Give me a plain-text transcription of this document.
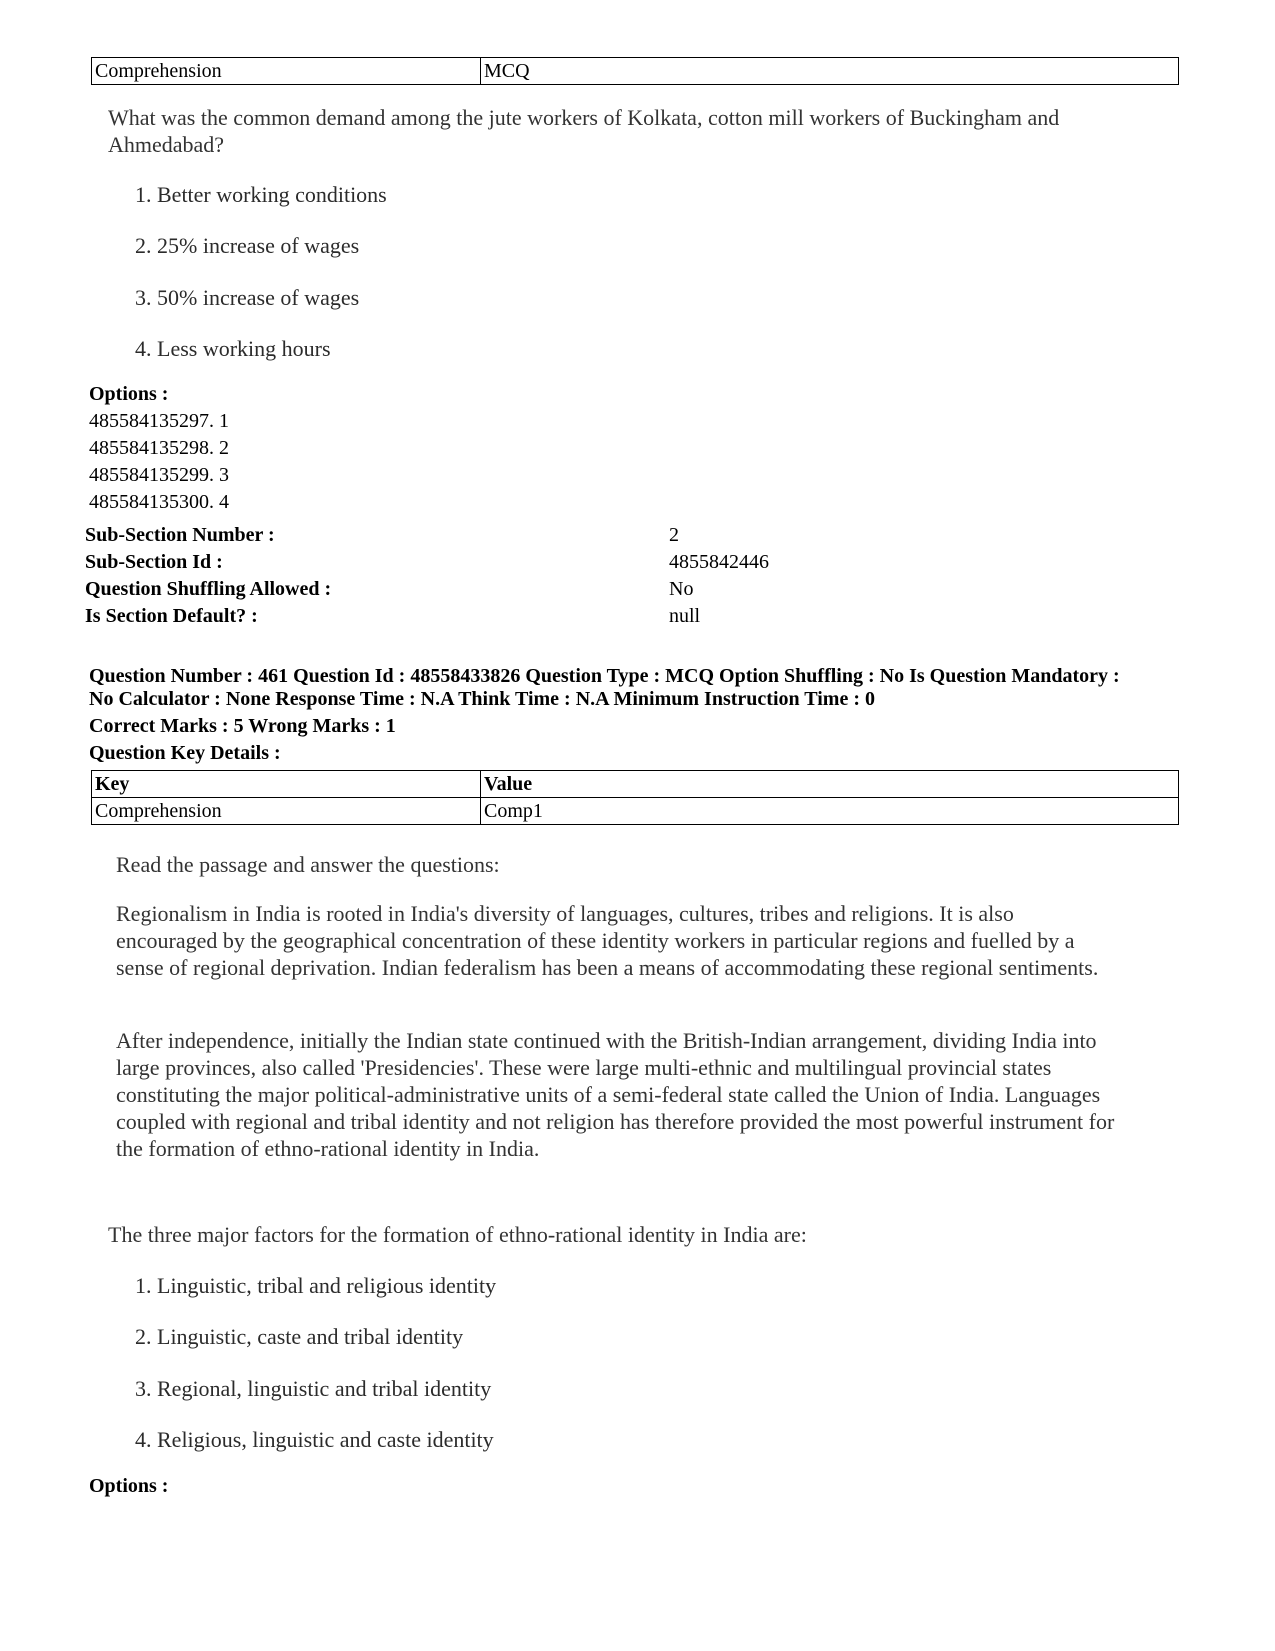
Comprehension	MCQ
What was the common demand among the jute workers of Kolkata, cotton mill workers of Buckingham and Ahmedabad?
1. Better working conditions
2. 25% increase of wages
3. 50% increase of wages
4. Less working hours
Options :
485584135297. 1
485584135298. 2
485584135299. 3
485584135300. 4
Sub-Section Number :	2
Sub-Section Id :	4855842446
Question Shuffling Allowed :	No
Is Section Default? :	null
Question Number : 461 Question Id : 48558433826 Question Type : MCQ Option Shuffling : No Is Question Mandatory :
No Calculator : None Response Time : N.A Think Time : N.A Minimum Instruction Time : 0
Correct Marks : 5 Wrong Marks : 1
Question Key Details :
Key	Value
Comprehension	Comp1
Read the passage and answer the questions:
Regionalism in India is rooted in India's diversity of languages, cultures, tribes and religions. It is also encouraged by the geographical concentration of these identity workers in particular regions and fuelled by a sense of regional deprivation. Indian federalism has been a means of accommodating these regional sentiments.
After independence, initially the Indian state continued with the British-Indian arrangement, dividing India into large provinces, also called 'Presidencies'. These were large multi-ethnic and multilingual provincial states constituting the major political-administrative units of a semi-federal state called the Union of India. Languages coupled with regional and tribal identity and not religion has therefore provided the most powerful instrument for the formation of ethno-rational identity in India.
The three major factors for the formation of ethno-rational identity in India are:
1. Linguistic, tribal and religious identity
2. Linguistic, caste and tribal identity
3. Regional, linguistic and tribal identity
4. Religious, linguistic and caste identity
Options :
